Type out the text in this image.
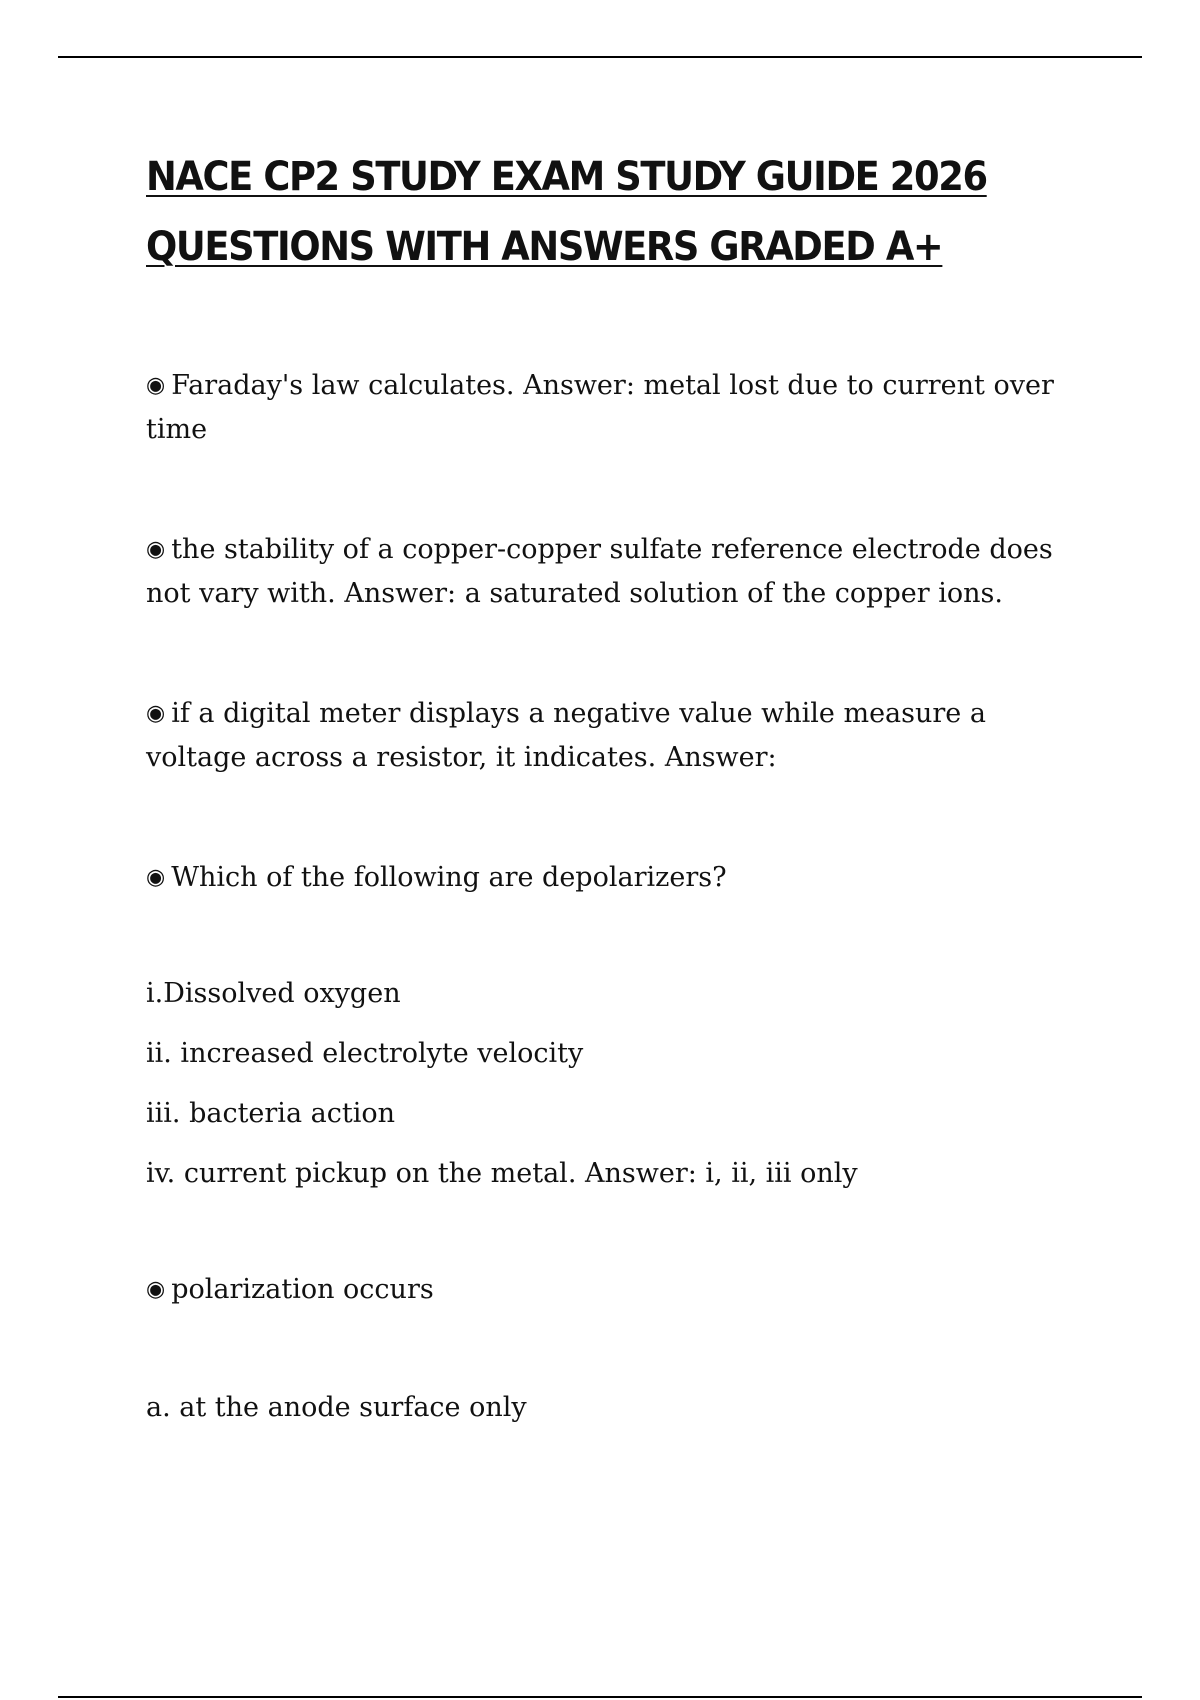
NACE CP2 STUDY EXAM STUDY GUIDE 2026 QUESTIONS WITH ANSWERS GRADED A+

◉ Faraday's law calculates. Answer: metal lost due to current over time

◉ the stability of a copper-copper sulfate reference electrode does not vary with. Answer: a saturated solution of the copper ions.

◉ if a digital meter displays a negative value while measure a voltage across a resistor, it indicates. Answer:

◉ Which of the following are depolarizers?

i.Dissolved oxygen

ii. increased electrolyte velocity

iii. bacteria action

iv. current pickup on the metal. Answer: i, ii, iii only

◉ polarization occurs

a. at the anode surface only
